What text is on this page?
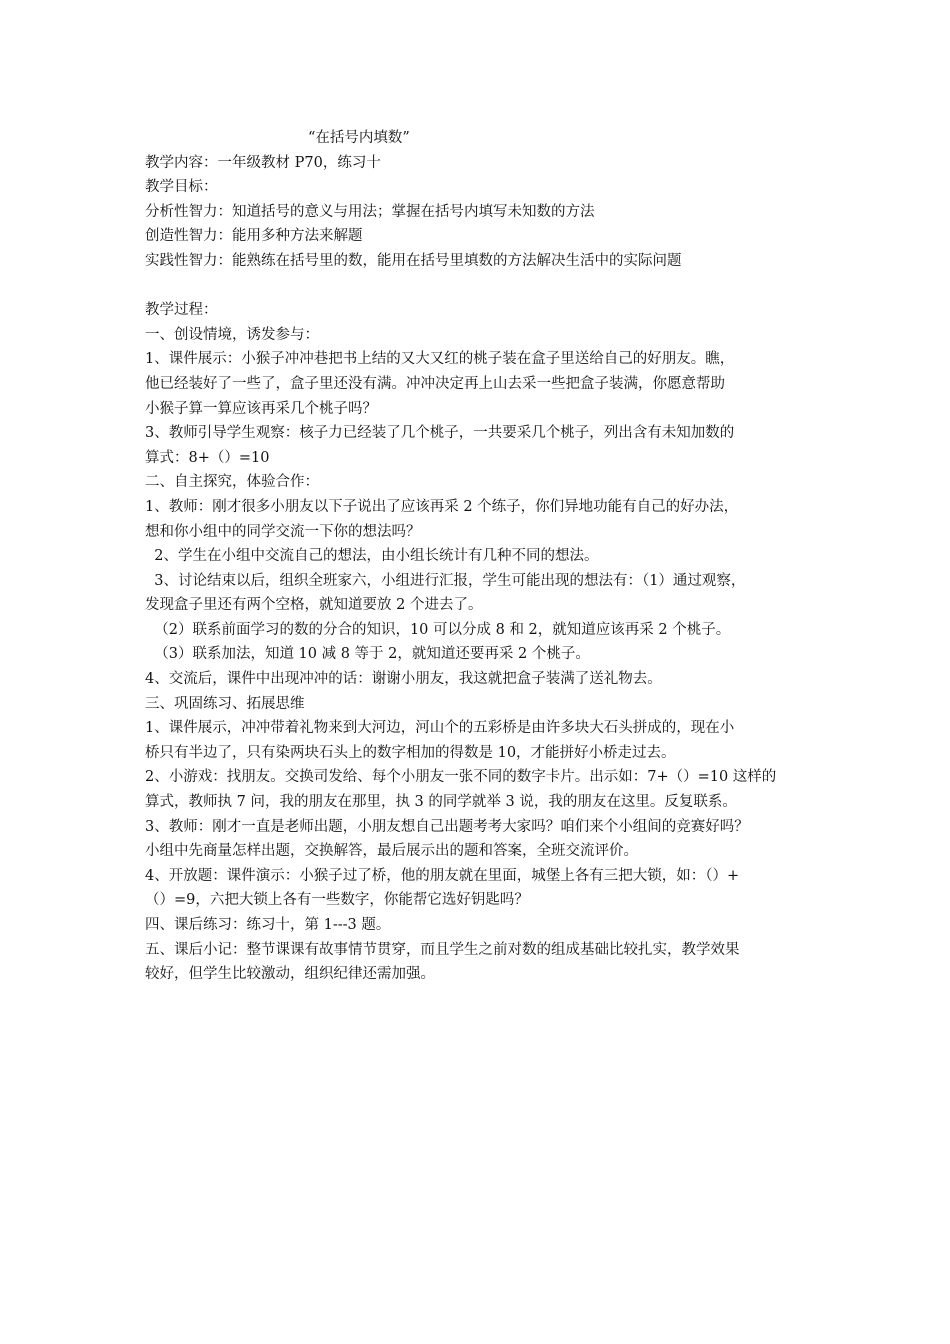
“在括号内填数”
教学内容：一年级教材 P70，练习十
教学目标：
分析性智力：知道括号的意义与用法；掌握在括号内填写未知数的方法
创造性智力：能用多种方法来解题
实践性智力：能熟练在括号里的数，能用在括号里填数的方法解决生活中的实际问题
教学过程：
一、创设情境，诱发参与：
1、课件展示：小猴子冲冲巷把书上结的又大又红的桃子装在盒子里送给自己的好朋友。瞧，
他已经装好了一些了，盒子里还没有满。冲冲决定再上山去采一些把盒子装满，你愿意帮助
小猴子算一算应该再采几个桃子吗？
3、教师引导学生观察：核子力已经装了几个桃子，一共要采几个桃子，列出含有未知加数的
算式：8+（）=10
二、自主探究，体验合作：
1、教师：刚才很多小朋友以下子说出了应该再采 2 个练子，你们异地功能有自己的好办法，
想和你小组中的同学交流一下你的想法吗？
2、学生在小组中交流自己的想法，由小组长统计有几种不同的想法。
3、讨论结束以后，组织全班家六，小组进行汇报，学生可能出现的想法有：（1）通过观察，
发现盒子里还有两个空格，就知道要放 2 个进去了。
（2）联系前面学习的数的分合的知识，10 可以分成 8 和 2，就知道应该再采 2 个桃子。
（3）联系加法，知道 10 减 8 等于 2，就知道还要再采 2 个桃子。
4、交流后，课件中出现冲冲的话：谢谢小朋友，我这就把盒子装满了送礼物去。
三、巩固练习、拓展思维
1、课件展示，冲冲带着礼物来到大河边，河山个的五彩桥是由许多块大石头拼成的，现在小
桥只有半边了，只有染两块石头上的数字相加的得数是 10，才能拼好小桥走过去。
2、小游戏：找朋友。交换司发给、每个小朋友一张不同的数字卡片。出示如：7+（）=10 这样的
算式，教师执 7 问，我的朋友在那里，执 3 的同学就举 3 说，我的朋友在这里。反复联系。
3、教师：刚才一直是老师出题，小朋友想自己出题考考大家吗？咱们来个小组间的竞赛好吗？
小组中先商量怎样出题，交换解答，最后展示出的题和答案，全班交流评价。
4、开放题：课件演示：小猴子过了桥，他的朋友就在里面，城堡上各有三把大锁，如：（）+
（）=9，六把大锁上各有一些数字，你能帮它选好钥匙吗？
四、课后练习：练习十，第 1---3 题。
五、课后小记：整节课课有故事情节贯穿，而且学生之前对数的组成基础比较扎实，教学效果
较好，但学生比较激动，组织纪律还需加强。
